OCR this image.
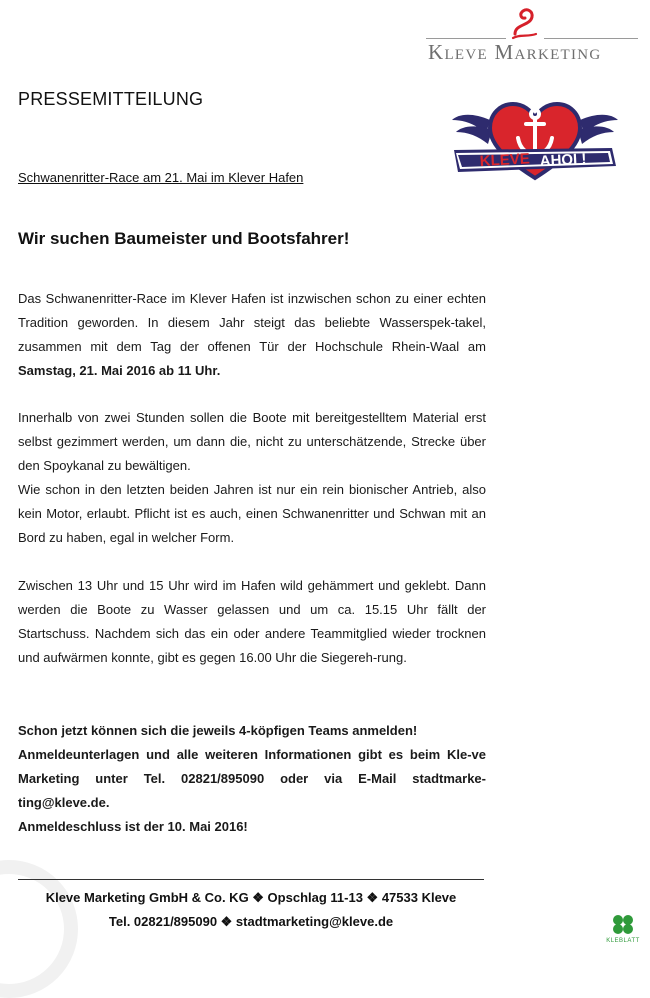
Kleve Marketing
PRESSEMITTEILUNG
KLEVE AHOI !
Schwanenritter-Race am 21. Mai im Klever Hafen
Wir suchen Baumeister und Bootsfahrer!

Das Schwanenritter-Race im Klever Hafen ist inzwischen schon zu einer echten Tradition geworden. In diesem Jahr steigt das beliebte Wasserspek-takel, zusammen mit dem Tag der offenen Tür der Hochschule Rhein-Waal am Samstag, 21. Mai 2016 ab 11 Uhr.

Innerhalb von zwei Stunden sollen die Boote mit bereitgestelltem Material erst selbst gezimmert werden, um dann die, nicht zu unterschätzende, Strecke über den Spoykanal zu bewältigen.

Wie schon in den letzten beiden Jahren ist nur ein rein bionischer Antrieb, also kein Motor, erlaubt. Pflicht ist es auch, einen Schwanenritter und Schwan mit an Bord zu haben, egal in welcher Form.

Zwischen 13 Uhr und 15 Uhr wird im Hafen wild gehämmert und geklebt. Dann werden die Boote zu Wasser gelassen und um ca. 15.15 Uhr fällt der Startschuss. Nachdem sich das ein oder andere Teammitglied wieder trocknen und aufwärmen konnte, gibt es gegen 16.00 Uhr die Siegereh-rung.

Schon jetzt können sich die jeweils 4-köpfigen Teams anmelden!

Anmeldeunterlagen und alle weiteren Informationen gibt es beim Kle-ve Marketing unter Tel. 02821/895090 oder via E-Mail stadtmarke-ting@kleve.de.

Anmeldeschluss ist der 10. Mai 2016!

Kleve Marketing GmbH & Co. KG ❖ Opschlag 11-13 ❖ 47533 Kleve
Tel. 02821/895090 ❖ stadtmarketing@kleve.de
KLEBLATT
